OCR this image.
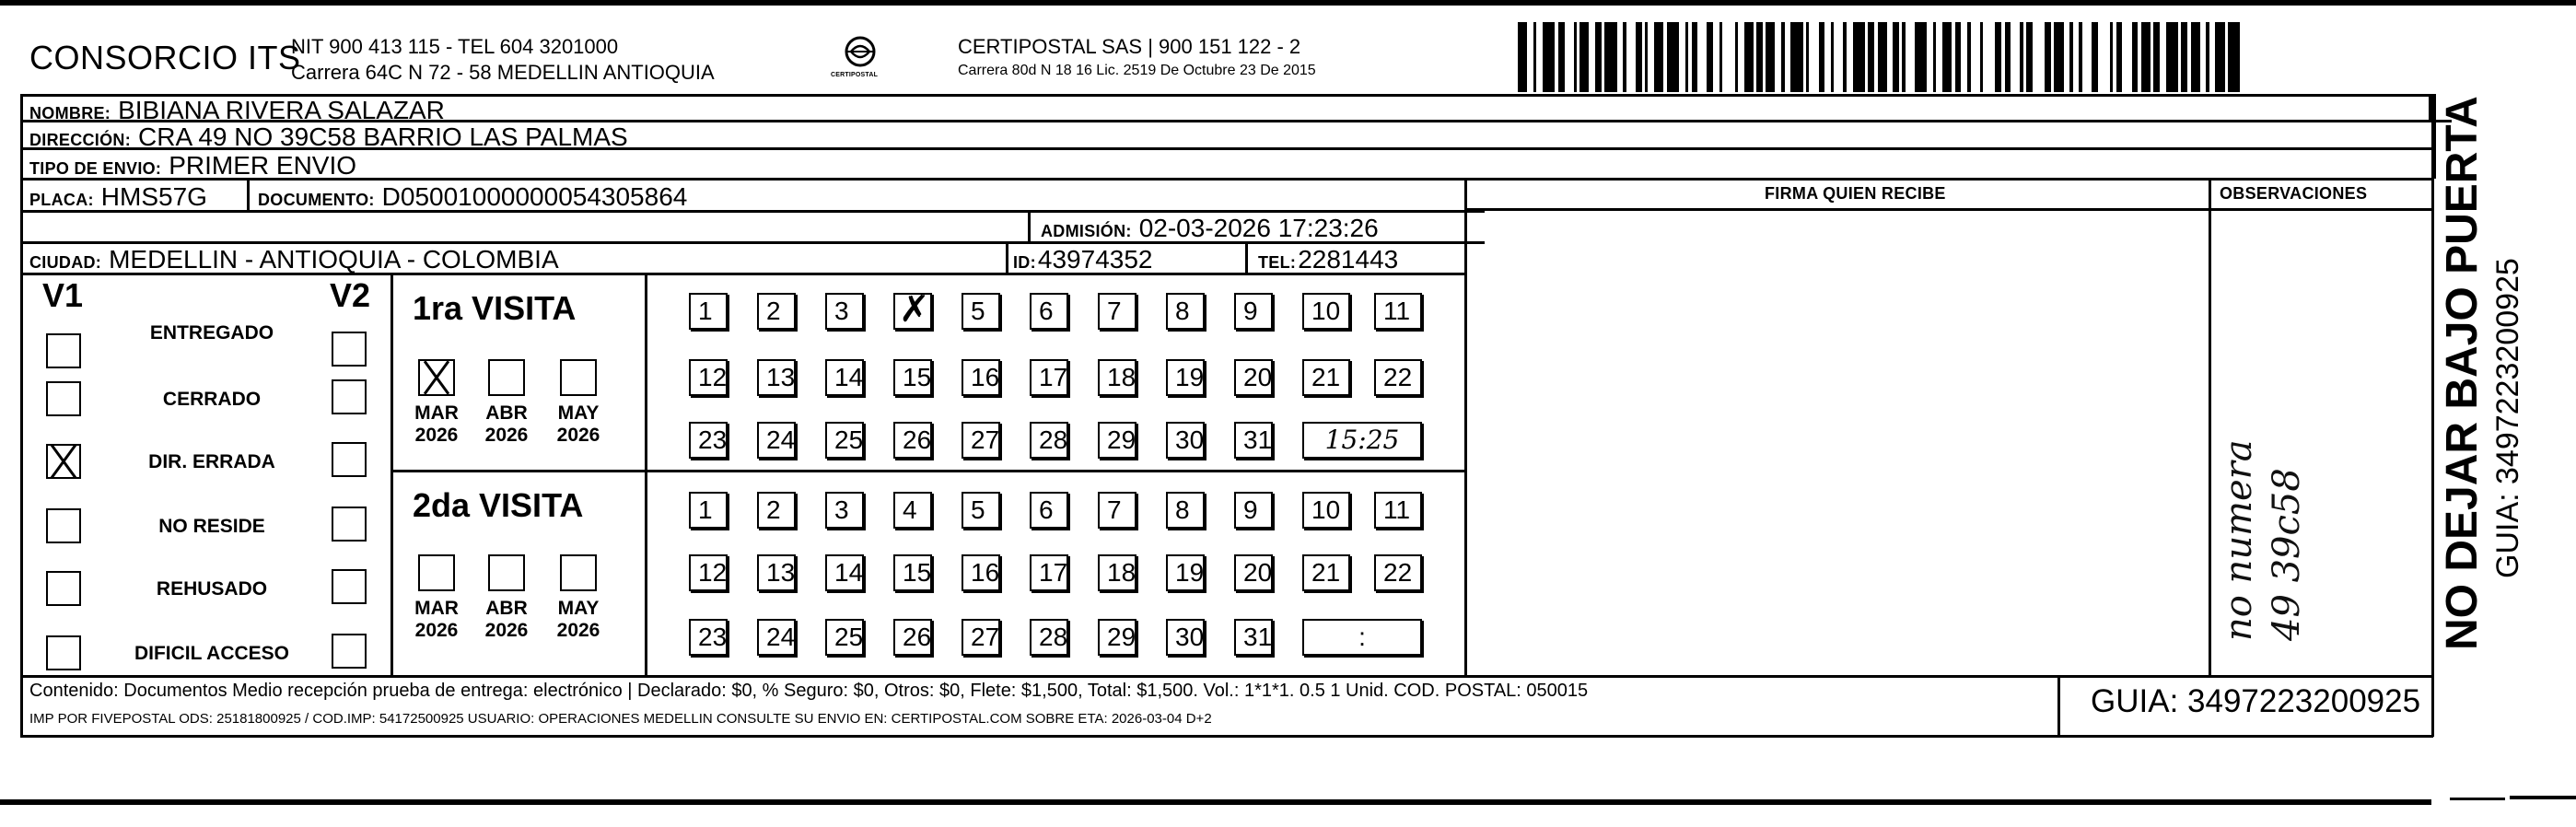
CONSORCIO ITS
NIT 900 413 115 - TEL 604 3201000
Carrera 64C N 72 - 58 MEDELLIN ANTIOQUIA	CERTIPOSTAL
CERTIPOSTAL SAS | 900 151 122 - 2
Carrera 80d N 18 16 Lic. 2519 De Octubre 23 De 2015
NOMBRE: BIBIANA RIVERA SALAZAR
DIRECCIÓN: CRA 49 NO 39C58 BARRIO LAS PALMAS
TIPO DE ENVIO: PRIMER ENVIO
FIRMA QUIEN RECIBE	OBSERVACIONES
PLACA: HMS57G	DOCUMENTO: D05001000000054305864
ADMISIÓN: 02-03-2026 17:23:26
CIUDAD: MEDELLIN - ANTIOQUIA - COLOMBIA	ID: 43974352	TEL: 2281443
V1	V2
ENTREGADO
CERRADO
DIR. ERRADA
NO RESIDE
REHUSADO
DIFICIL ACCESO
1ra VISITA
2da VISITA
MAR
2026
ABR
2026
MAY
2026
1	2	3
✗	5	6	7	8	9	10	11
12	13	14	15	16	17	18	19	20	21	22
23	24	25	26	27	28	29	30	31	15:25
MAR
2026
ABR
2026
MAY
2026
1	2	3	4	5	6	7	8	9	10	11
12	13	14	15	16	17	18	19	20	21	22
23	24	25	26	27	28	29	30	31	:	no numera 49 39c58
Contenido: Documentos Medio recepción prueba de entrega: electrónico | Declarado: $0, % Seguro: $0, Otros: $0, Flete: $1,500, Total: $1,500. Vol.: 1*1*1. 0.5 1 Unid. COD. POSTAL: 050015
IMP POR FIVEPOSTAL ODS: 25181800925 / COD.IMP: 54172500925 USUARIO: OPERACIONES MEDELLIN CONSULTE SU ENVIO EN: CERTIPOSTAL.COM SOBRE ETA: 2026-03-04 D+2	GUIA: 3497223200925
NO DEJAR BAJO PUERTA GUIA: 3497223200925
